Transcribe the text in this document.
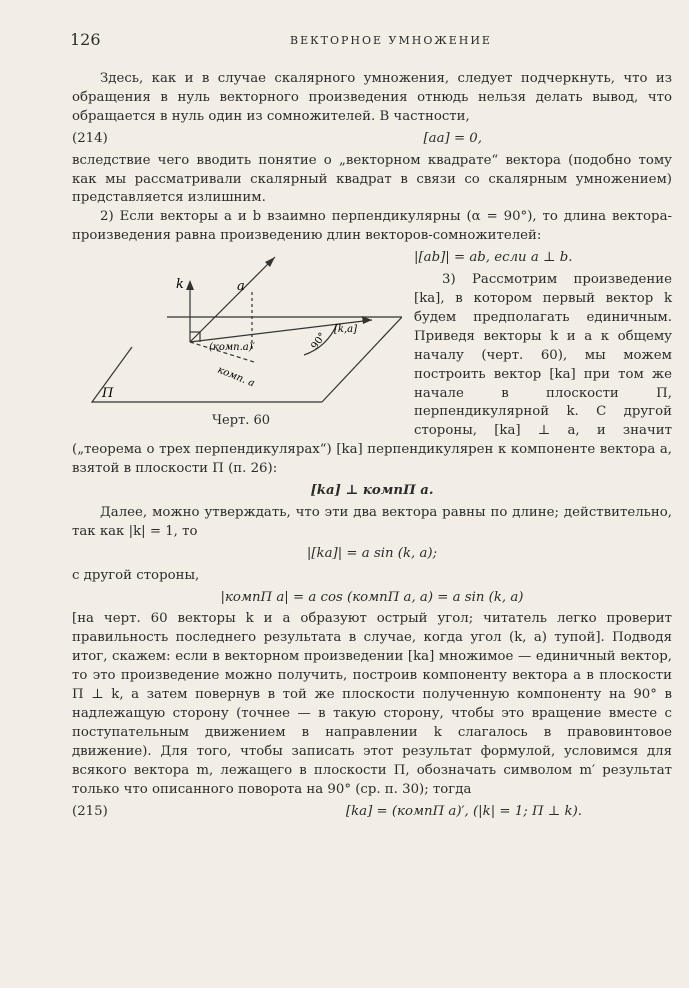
126	ВЕКТОРНОЕ УМНОЖЕНИЕ

Здесь, как и в случае скалярного умножения, следует подчеркнуть, что из обращения в нуль векторного произведения отнюдь нельзя делать вывод, что обращается в нуль один из сомножителей. В частности,

(214)	[aa] = 0,

вследствие чего вводить понятие о „векторном квадрате“ вектора (подобно тому как мы рассматривали скалярный квадрат в связи со скалярным умножением) представляется излишним.

2) Если векторы a и b взаимно перпендикулярны (α = 90°), то длина вектора-произведения равна произведению длин векторов-сомножителей:

k	a
[k,a]
(комп.a)′
комп. a
90°
П
Черт. 60
|[ab]| = ab, если a ⊥ b.

3) Рассмотрим произведение [ka], в котором первый вектор k будем предполагать единичным. Приведя векторы k и a к общему началу (черт. 60), мы можем построить вектор [ka] при том же начале в плоскости П, перпендикулярной k. С другой стороны, [ka] ⊥ a, и значит („теорема о трех перпендикулярах“) [ka] перпендикулярен к компоненте вектора a, взятой в плоскости П (п. 26):

[ka] ⊥ компП a.

Далее, можно утверждать, что эти два вектора равны по длине; действительно, так как |k| = 1, то

|[ka]| = a sin (k, a);

с другой стороны,

|компП a| = a cos (компП a, a) = a sin (k, a)

[на черт. 60 векторы k и a образуют острый угол; читатель легко проверит правильность последнего результата в случае, когда угол (k, a) тупой]. Подводя итог, скажем: если в векторном произведении [ka] множимое — единичный вектор, то это произведение можно получить, построив компоненту вектора a в плоскости П ⊥ k, а затем повернув в той же плоскости полученную компоненту на 90° в надлежащую сторону (точнее — в такую сторону, чтобы это вращение вместе с поступательным движением в направлении k слагалось в правовинтовое движение). Для того, чтобы записать этот результат формулой, условимся для всякого вектора m, лежащего в плоскости П, обозначать символом m′ результат только что описанного поворота на 90° (ср. п. 30); тогда

(215)	[ka] = (компП a)′, (|k| = 1; П ⊥ k).
